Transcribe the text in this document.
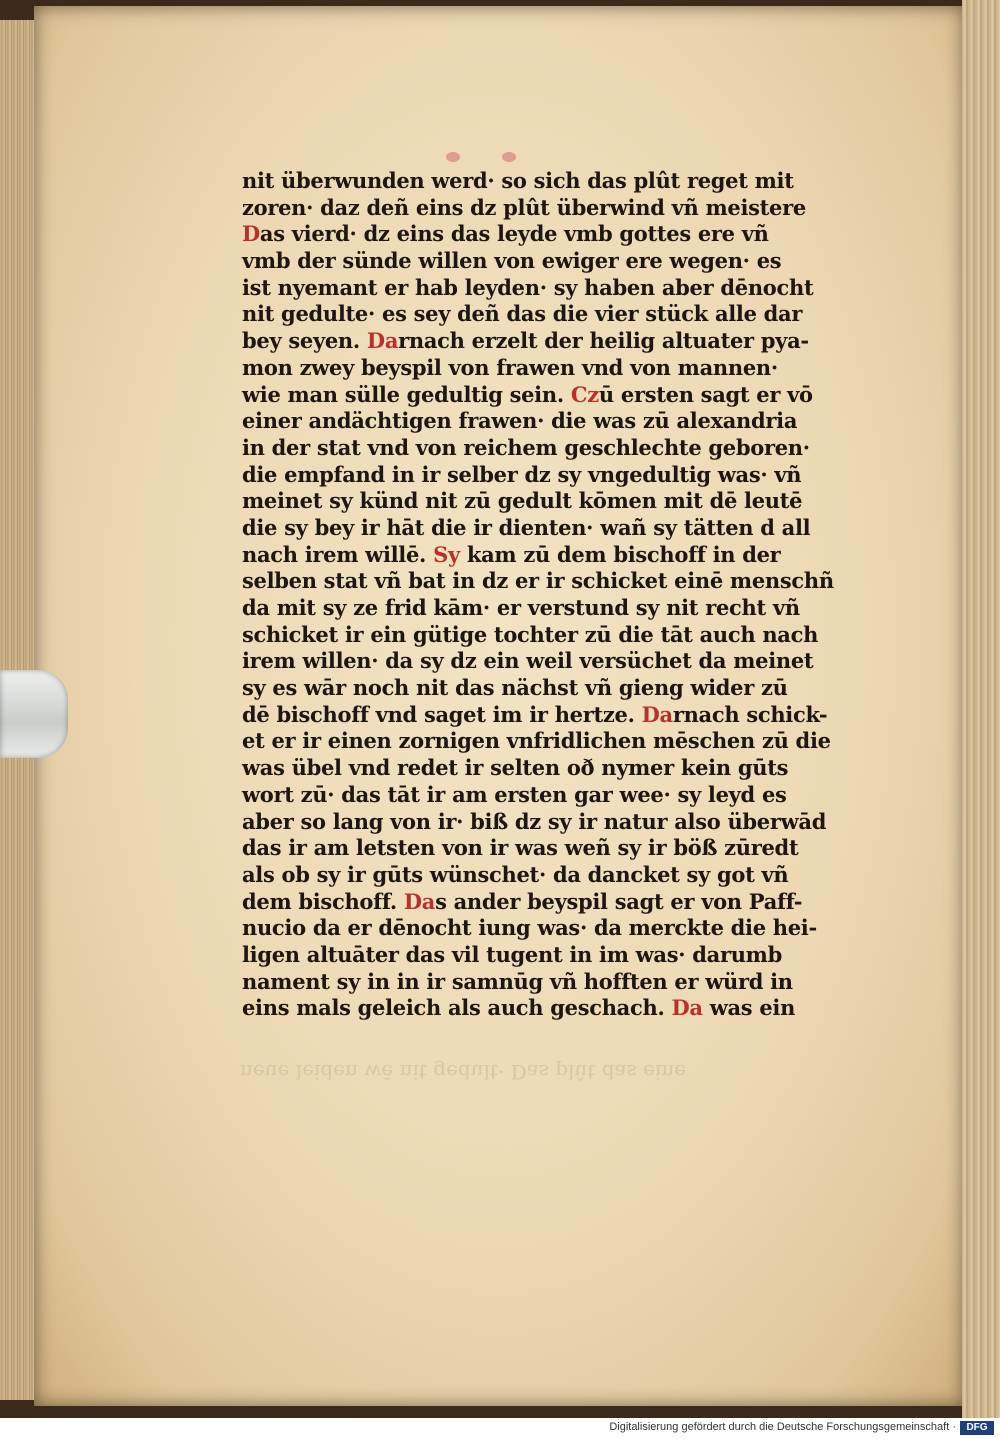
nit überwunden werd· so sich das plût reget mit
zoren· daz deñ eins dz plût überwind vñ meistere
Das vierd· dz eins das leyde vmb gottes ere vñ
vmb der sünde willen von ewiger ere wegen· es
ist nyemant er hab leyden· sy haben aber dēnocht
nit gedulte· es sey deñ das die vier stück alle dar
bey seyen. Darnach erzelt der heilig altuater pya-
mon zwey beyspil von frawen vnd von mannen·
wie man sülle gedultig sein. Czū ersten sagt er vō
einer andächtigen frawen· die was zū alexandria
in der stat vnd von reichem geschlechte geboren·
die empfand in ir selber dz sy vngedultig was· vñ
meinet sy künd nit zū gedult kōmen mit dē leutē
die sy bey ir hāt die ir dienten· wañ sy tätten d all
nach irem willē. Sy kam zū dem bischoff in der
selben stat vñ bat in dz er ir schicket einē menschñ
da mit sy ze frid kām· er verstund sy nit recht vñ
schicket ir ein gütige tochter zū die tāt auch nach
irem willen· da sy dz ein weil versüchet da meinet
sy es wār noch nit das nächst vñ gieng wider zū
dē bischoff vnd saget im ir hertze. Darnach schick-
et er ir einen zornigen vnfridlichen mēschen zū die
was übel vnd redet ir selten oð nymer kein gūts
wort zū· das tāt ir am ersten gar wee· sy leyd es
aber so lang von ir· biß dz sy ir natur also überwād
das ir am letsten von ir was weñ sy ir böß zūredt
als ob sy ir gūts wünschet· da dancket sy got vñ
dem bischoff. Das ander beyspil sagt er von Paff-
nucio da er dēnocht iung was· da merckte die hei-
ligen altuāter das vil tugent in im was· darumb
nament sy in in ir samnūg vñ hofften er würd in
eins mals geleich als auch geschach. Da was ein
neue leiden wē nit gedult· Das plût das eine
Digitalisierung gefördert durch die Deutsche Forschungsgemeinschaft ·	DFG
